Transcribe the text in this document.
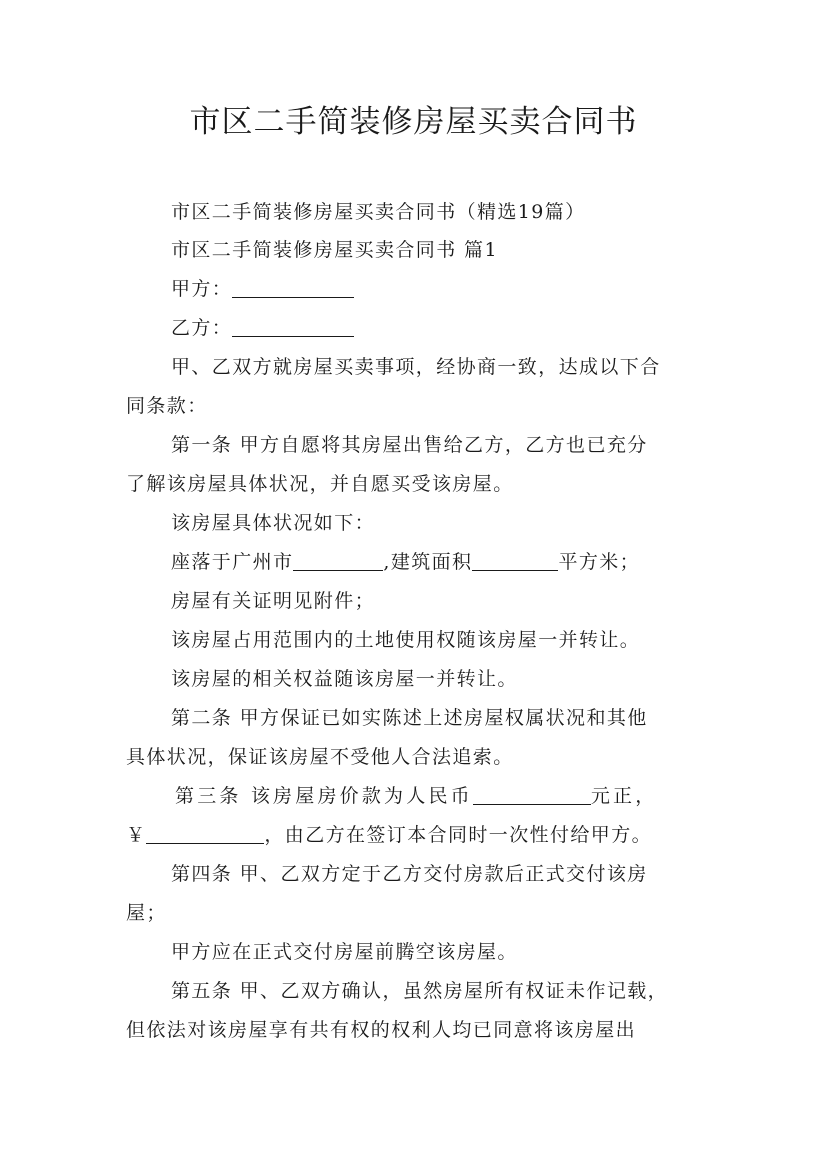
市区二手简装修房屋买卖合同书
市区二手简装修房屋买卖合同书（精选19篇）
市区二手简装修房屋买卖合同书 篇1
甲方：
乙方：
甲、乙双方就房屋买卖事项，经协商一致，达成以下合
同条款：
第一条 甲方自愿将其房屋出售给乙方，乙方也已充分
了解该房屋具体状况，并自愿买受该房屋。
该房屋具体状况如下：
座落于广州市	,建筑面积	平方米；
房屋有关证明见附件；
该房屋占用范围内的土地使用权随该房屋一并转让。
该房屋的相关权益随该房屋一并转让。
第二条 甲方保证已如实陈述上述房屋权属状况和其他
具体状况，保证该房屋不受他人合法追索。
第三条 该房屋房价款为人民币	元正，
￥	，由乙方在签订本合同时一次性付给甲方。
第四条 甲、乙双方定于乙方交付房款后正式交付该房
屋；
甲方应在正式交付房屋前腾空该房屋。
第五条 甲、乙双方确认，虽然房屋所有权证未作记载，
但依法对该房屋享有共有权的权利人均已同意将该房屋出
